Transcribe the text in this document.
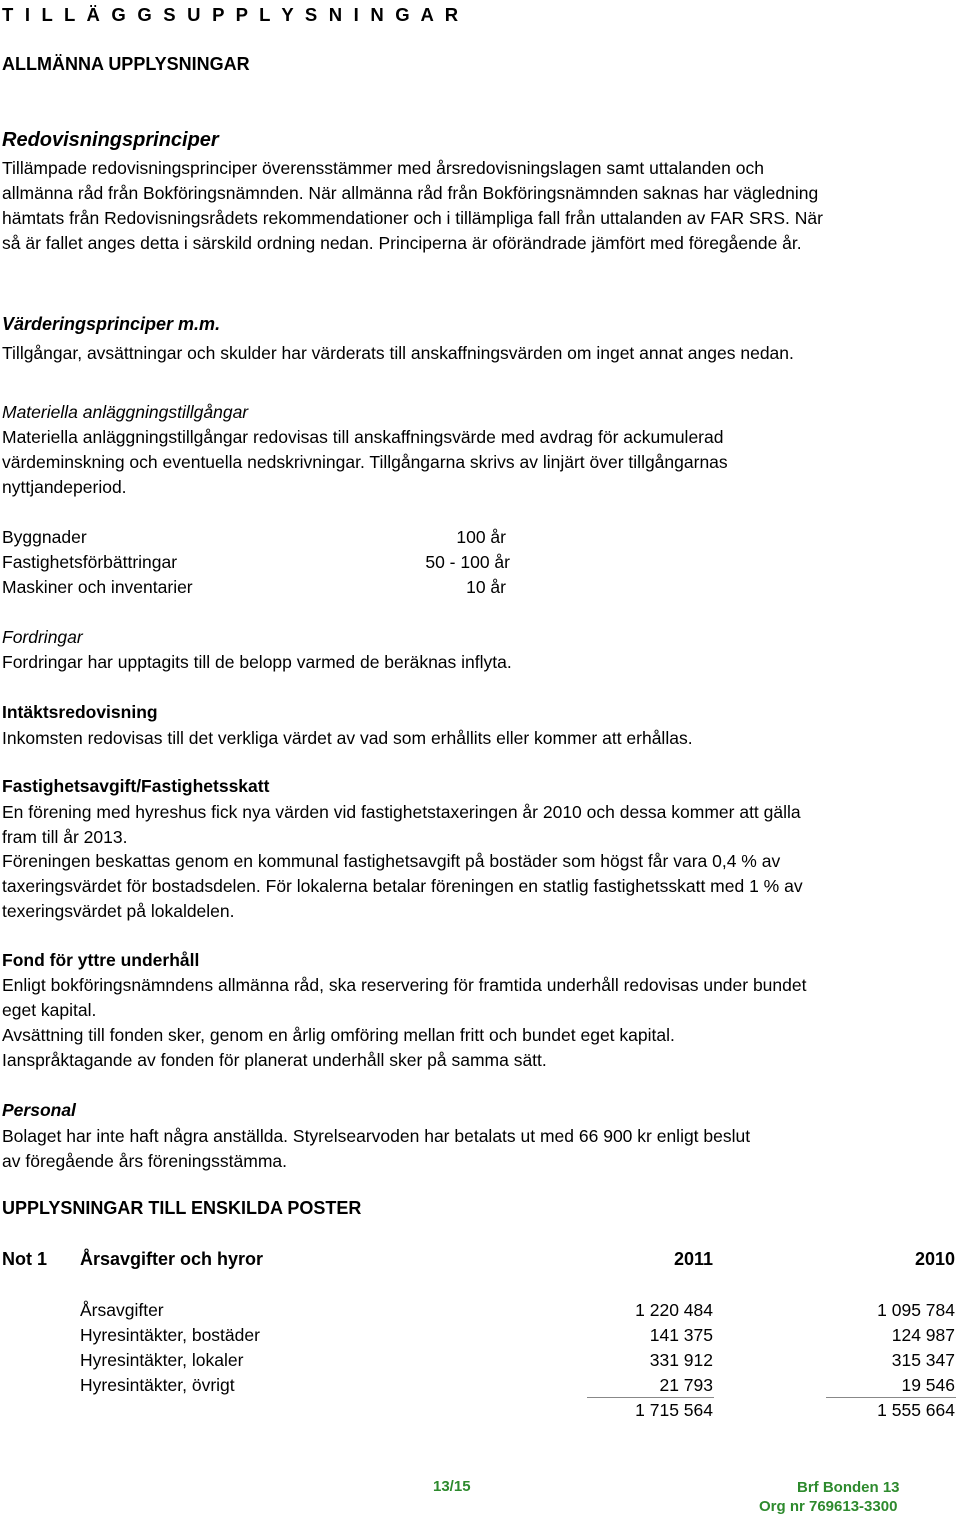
T I L L Ä G G S U P P L Y S N I N G A R
ALLMÄNNA UPPLYSNINGAR
Redovisningsprinciper
Tillämpade redovisningsprinciper överensstämmer med årsredovisningslagen samt uttalanden och
allmänna råd från Bokföringsnämnden. När allmänna råd från Bokföringsnämnden saknas har vägledning
hämtats från Redovisningsrådets rekommendationer och i tillämpliga fall från uttalanden av FAR SRS. När
så är fallet anges detta i särskild ordning nedan. Principerna är oförändrade jämfört med föregående år.
Värderingsprinciper m.m.
Tillgångar, avsättningar och skulder har värderats till anskaffningsvärden om inget annat anges nedan.
Materiella anläggningstillgångar
Materiella anläggningstillgångar redovisas till anskaffningsvärde med avdrag för ackumulerad
värdeminskning och eventuella nedskrivningar. Tillgångarna skrivs av linjärt över tillgångarnas
nyttjandeperiod.
Byggnader	100 år
Fastighetsförbättringar	50 - 100 år
Maskiner och inventarier	10 år
Fordringar
Fordringar har upptagits till de belopp varmed de beräknas inflyta.
Intäktsredovisning
Inkomsten redovisas till det verkliga värdet av vad som erhållits eller kommer att erhållas.
Fastighetsavgift/Fastighetsskatt
En förening med hyreshus fick nya värden vid fastighetstaxeringen år 2010 och dessa kommer att gälla
fram till år 2013.
Föreningen beskattas genom en kommunal fastighetsavgift på bostäder som högst får vara 0,4 % av
taxeringsvärdet för bostadsdelen. För lokalerna betalar föreningen en statlig fastighetsskatt med 1 % av
texeringsvärdet på lokaldelen.
Fond för yttre underhåll
Enligt bokföringsnämndens allmänna råd, ska reservering för framtida underhåll redovisas under bundet
eget kapital.
Avsättning till fonden sker, genom en årlig omföring mellan fritt och bundet eget kapital.
Ianspråktagande av fonden för planerat underhåll sker på samma sätt.
Personal
Bolaget har inte haft några anställda. Styrelsearvoden har betalats ut med 66 900 kr enligt beslut
av föregående års föreningsstämma.
UPPLYSNINGAR TILL ENSKILDA POSTER
Not 1 Årsavgifter och hyror	2011	2010
Årsavgifter	1 220 484	1 095 784
Hyresintäkter, bostäder	141 375	124 987
Hyresintäkter, lokaler	331 912	315 347
Hyresintäkter, övrigt	21 793	19 546
1 715 564	1 555 664
13/15	Brf Bonden 13
Org nr 769613-3300
